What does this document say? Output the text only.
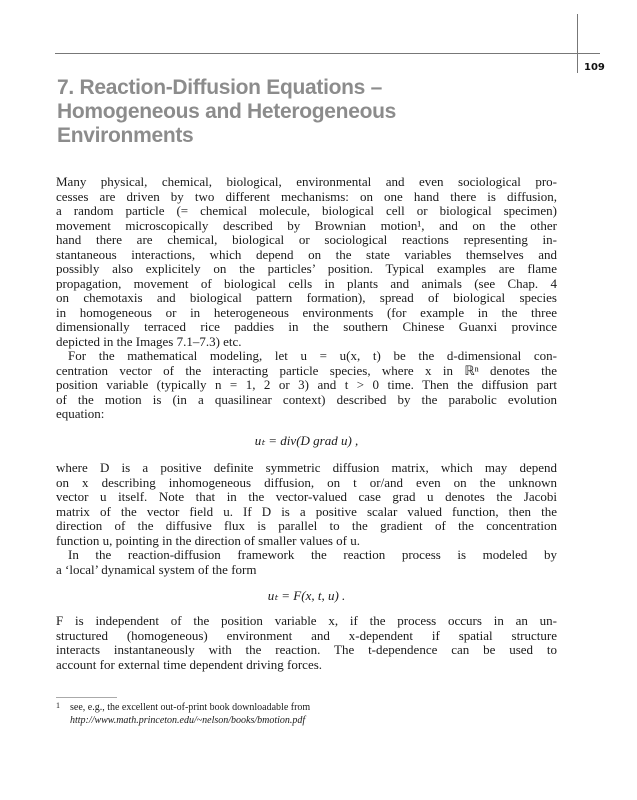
109
7. Reaction-Diffusion Equations –
Homogeneous and Heterogeneous
Environments
uₜ = div(D grad u) ,
uₜ = F(x, t, u) .
Many physical, chemical, biological, environmental and even sociological pro-
cesses are driven by two different mechanisms: on one hand there is diffusion,
a random particle (= chemical molecule, biological cell or biological specimen)
movement microscopically described by Brownian motion¹, and on the other
hand there are chemical, biological or sociological reactions representing in-
stantaneous interactions, which depend on the state variables themselves and
possibly also explicitely on the particles’ position. Typical examples are flame
propagation, movement of biological cells in plants and animals (see Chap. 4
on chemotaxis and biological pattern formation), spread of biological species
in homogeneous or in heterogeneous environments (for example in the three
dimensionally terraced rice paddies in the southern Chinese Guanxi province
depicted in the Images 7.1–7.3) etc.
For the mathematical modeling, let u = u(x, t) be the d-dimensional con-
centration vector of the interacting particle species, where x in ℝⁿ denotes the
position variable (typically n = 1, 2 or 3) and t > 0 time. Then the diffusion part
of the motion is (in a quasilinear context) described by the parabolic evolution
equation:
where D is a positive definite symmetric diffusion matrix, which may depend
on x describing inhomogeneous diffusion, on t or/and even on the unknown
vector u itself. Note that in the vector-valued case grad u denotes the Jacobi
matrix of the vector field u. If D is a positive scalar valued function, then the
direction of the diffusive flux is parallel to the gradient of the concentration
function u, pointing in the direction of smaller values of u.
In the reaction-diffusion framework the reaction process is modeled by
a ‘local’ dynamical system of the form
F is independent of the position variable x, if the process occurs in an un-
structured (homogeneous) environment and x-dependent if spatial structure
interacts instantaneously with the reaction. The t-dependence can be used to
account for external time dependent driving forces.
1 see, e.g., the excellent out-of-print book downloadable from
http://www.math.princeton.edu/~nelson/books/bmotion.pdf
